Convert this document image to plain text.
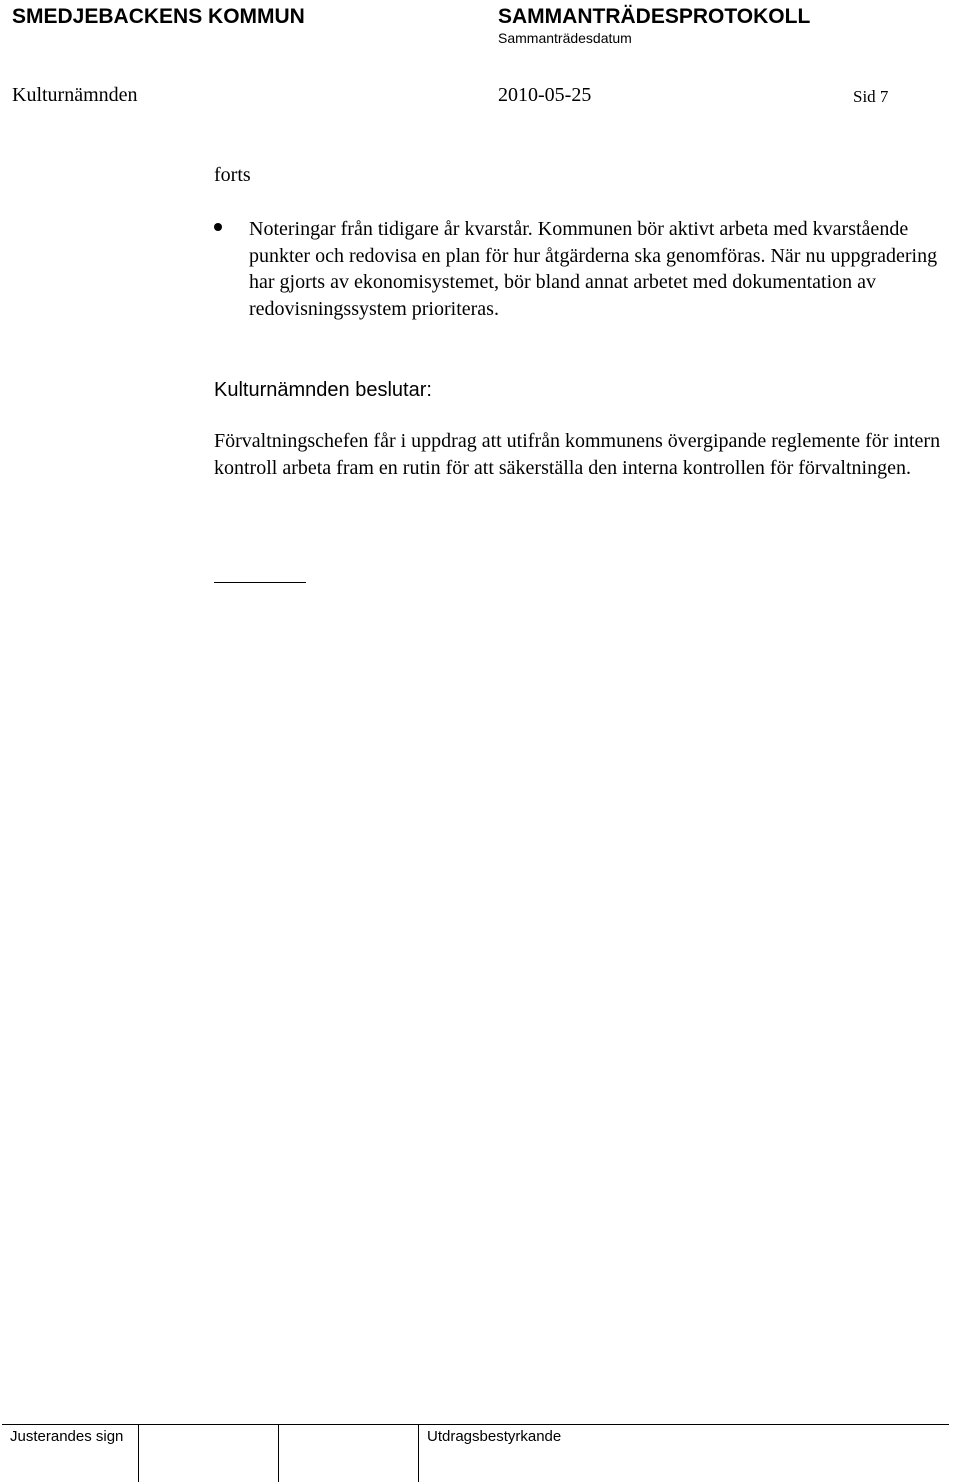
SMEDJEBACKENS KOMMUN	SAMMANTRÄDESPROTOKOLL
Sammanträdesdatum
Kulturnämnden	2010-05-25	Sid 7
forts
Noteringar från tidigare år kvarstår. Kommunen bör aktivt arbeta med kvarstående punkter och redovisa en plan för hur åtgärderna ska genomföras. När nu uppgradering har gjorts av ekonomisystemet, bör bland annat arbetet med dokumentation av redovisningssystem prioriteras.
Kulturnämnden beslutar:
Förvaltningschefen får i uppdrag att utifrån kommunens övergipande reglemente för intern kontroll arbeta fram en rutin för att säkerställa den interna kontrollen för förvaltningen.
Justerandes sign	Utdragsbestyrkande
